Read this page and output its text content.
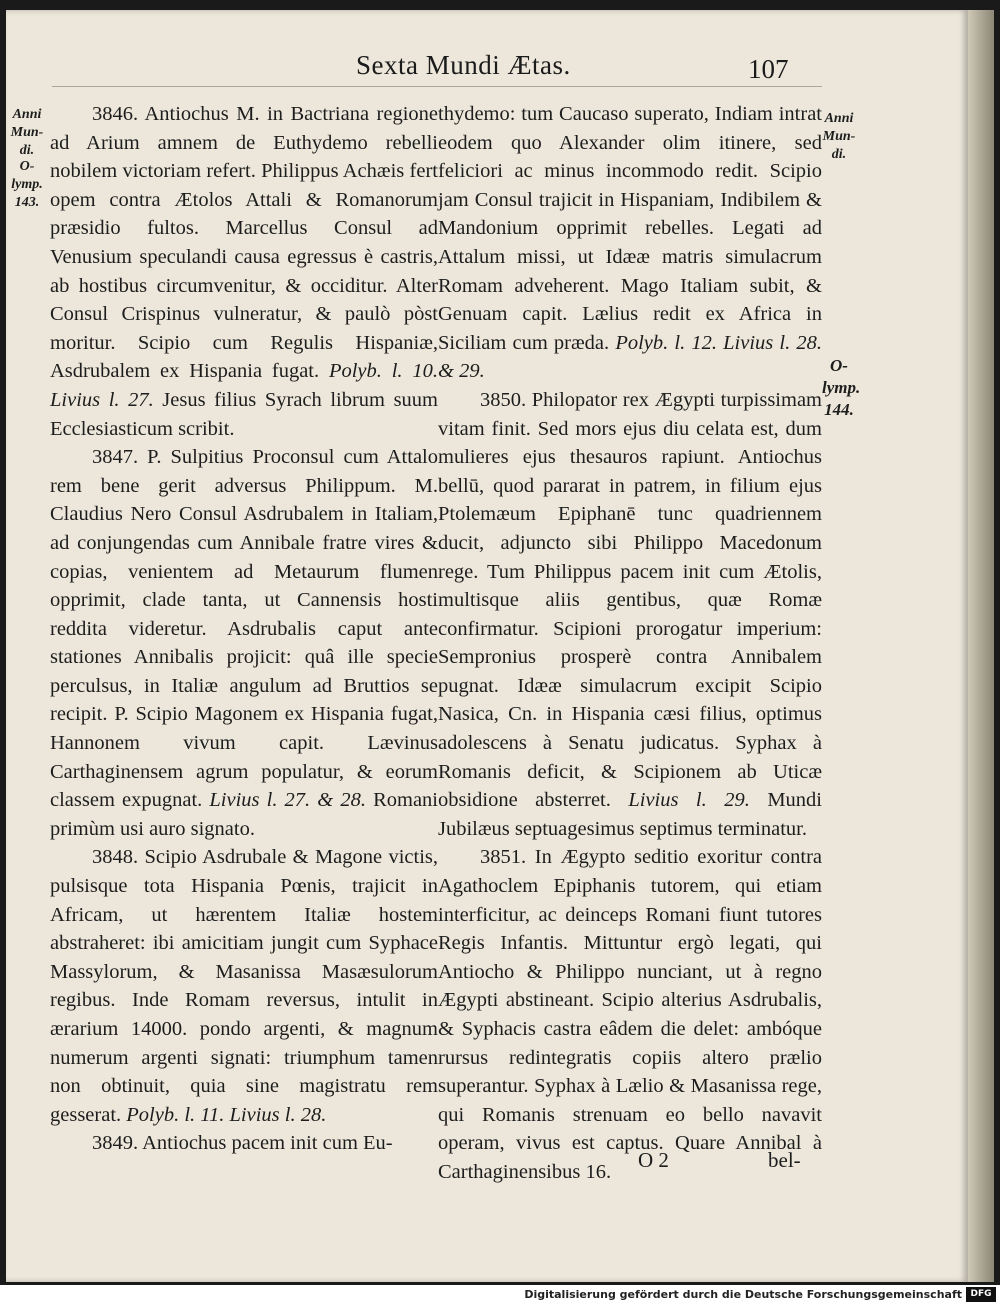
Sexta Mundi Ætas.	107
Anni Mun-di.
O-lymp. 143.
Anni Mun-di.
O-lymp. 144.

3846. Antiochus M. in Bactriana regione ad Arium amnem de Euthydemo rebelli nobilem victoriam refert. Philippus Achæis fert opem contra Ætolos Attali & Romanorum præsidio fultos. Marcellus Consul ad Venusium speculandi causa egressus è castris, ab hostibus circumvenitur, & occiditur. Alter Consul Crispinus vulneratur, & paulò pòst moritur. Scipio cum Regulis Hispaniæ, Asdrubalem ex Hispania fugat. Polyb. l. 10. Livius l. 27. Jesus filius Syrach librum suum Ecclesiasticum scribit.

3847. P. Sulpitius Proconsul cum Attalo rem bene gerit adversus Philippum. M. Claudius Nero Consul Asdrubalem in Italiam, ad conjungendas cum Annibale fratre vires & copias, venientem ad Metaurum flumen opprimit, clade tanta, ut Cannensis hosti reddita videretur. Asdrubalis caput ante stationes Annibalis projicit: quâ ille specie perculsus, in Italiæ angulum ad Bruttios se recipit. P. Scipio Magonem ex Hispania fugat, Hannonem vivum capit. Lævinus Carthaginensem agrum populatur, & eorum classem expugnat. Livius l. 27. & 28. Romani primùm usi auro signato.

3848. Scipio Asdrubale & Magone victis, pulsisque tota Hispania Pœnis, trajicit in Africam, ut hærentem Italiæ hostem abstraheret: ibi amicitiam jungit cum Syphace Massylorum, & Masanissa Masæsulorum regibus. Inde Romam reversus, intulit in ærarium 14000. pondo argenti, & magnum numerum argenti signati: triumphum tamen non obtinuit, quia sine magistratu rem gesserat. Polyb. l. 11. Livius l. 28.

3849. Antiochus pacem init cum Eu-

thydemo: tum Caucaso superato, Indiam intrat eodem quo Alexander olim itinere, sed feliciori ac minus incommodo redit. Scipio jam Consul trajicit in Hispaniam, Indibilem & Mandonium opprimit rebelles. Legati ad Attalum missi, ut Idææ matris simulacrum Romam adveherent. Mago Italiam subit, & Genuam capit. Lælius redit ex Africa in Siciliam cum præda. Polyb. l. 12. Livius l. 28. & 29.

3850. Philopator rex Ægypti turpissimam vitam finit. Sed mors ejus diu celata est, dum mulieres ejus thesauros rapiunt. Antiochus bellū, quod pararat in patrem, in filium ejus Ptolemæum Epiphanē tunc quadriennem ducit, adjuncto sibi Philippo Macedonum rege. Tum Philippus pacem init cum Ætolis, multisque aliis gentibus, quæ Romæ confirmatur. Scipioni prorogatur imperium: Sempronius prosperè contra Annibalem pugnat. Idææ simulacrum excipit Scipio Nasica, Cn. in Hispania cæsi filius, optimus adolescens à Senatu judicatus. Syphax à Romanis deficit, & Scipionem ab Uticæ obsidione absterret. Livius l. 29. Mundi Jubilæus septuagesimus septimus terminatur.

3851. In Ægypto seditio exoritur contra Agathoclem Epiphanis tutorem, qui etiam interficitur, ac deinceps Romani fiunt tutores Regis Infantis. Mittuntur ergò legati, qui Antiocho & Philippo nunciant, ut à regno Ægypti abstineant. Scipio alterius Asdrubalis, & Syphacis castra eâdem die delet: ambóque rursus redintegratis copiis altero prælio superantur. Syphax à Lælio & Masanissa rege, qui Romanis strenuam eo bello navavit operam, vivus est captus. Quare Annibal à Carthaginensibus 16.	O 2	bel-
Digitalisierung gefördert durch die Deutsche Forschungsgemeinschaft DFG
